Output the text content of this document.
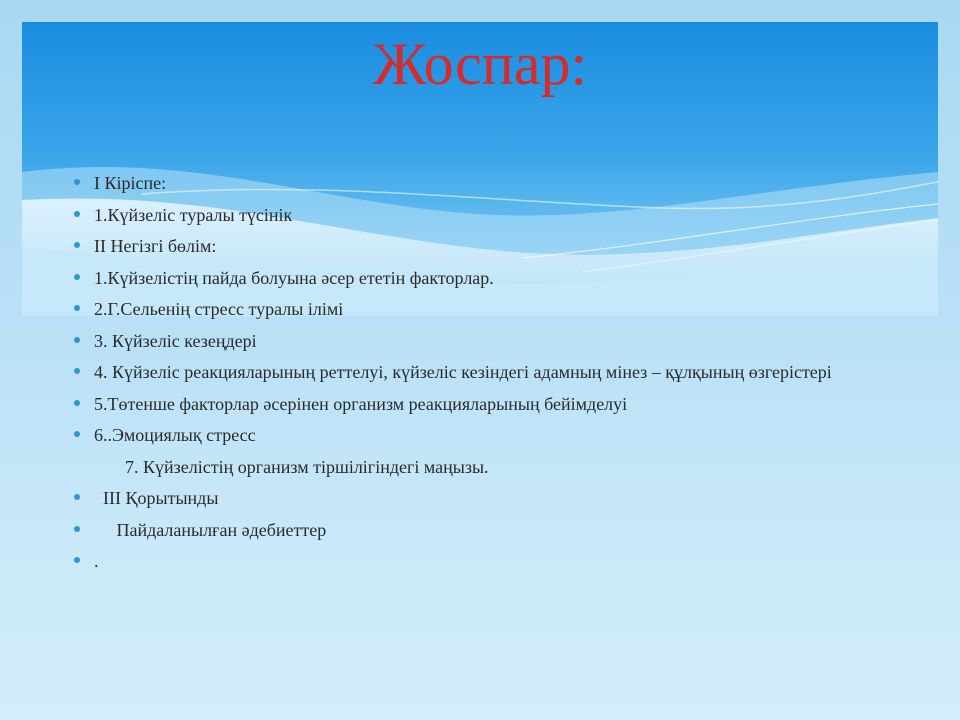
Жоспар:
I Кіріспе:
1.Күйзеліс туралы түсінік
II Негізгі бөлім:
1.Күйзелістің пайда болуына әсер ететін факторлар.
2.Г.Сельенің стресс туралы ілімі
3. Күйзеліс кезеңдері
4. Күйзеліс реакцияларының реттелуі, күйзеліс кезіндегі адамның мінез – құлқының өзгерістері
5.Төтенше факторлар әсерінен организм реакцияларының бейімделуі
6..Эмоциялық стресс
7. Күйзелістің организм тіршілігіндегі маңызы.
III Қорытынды
Пайдаланылған әдебиеттер
.
